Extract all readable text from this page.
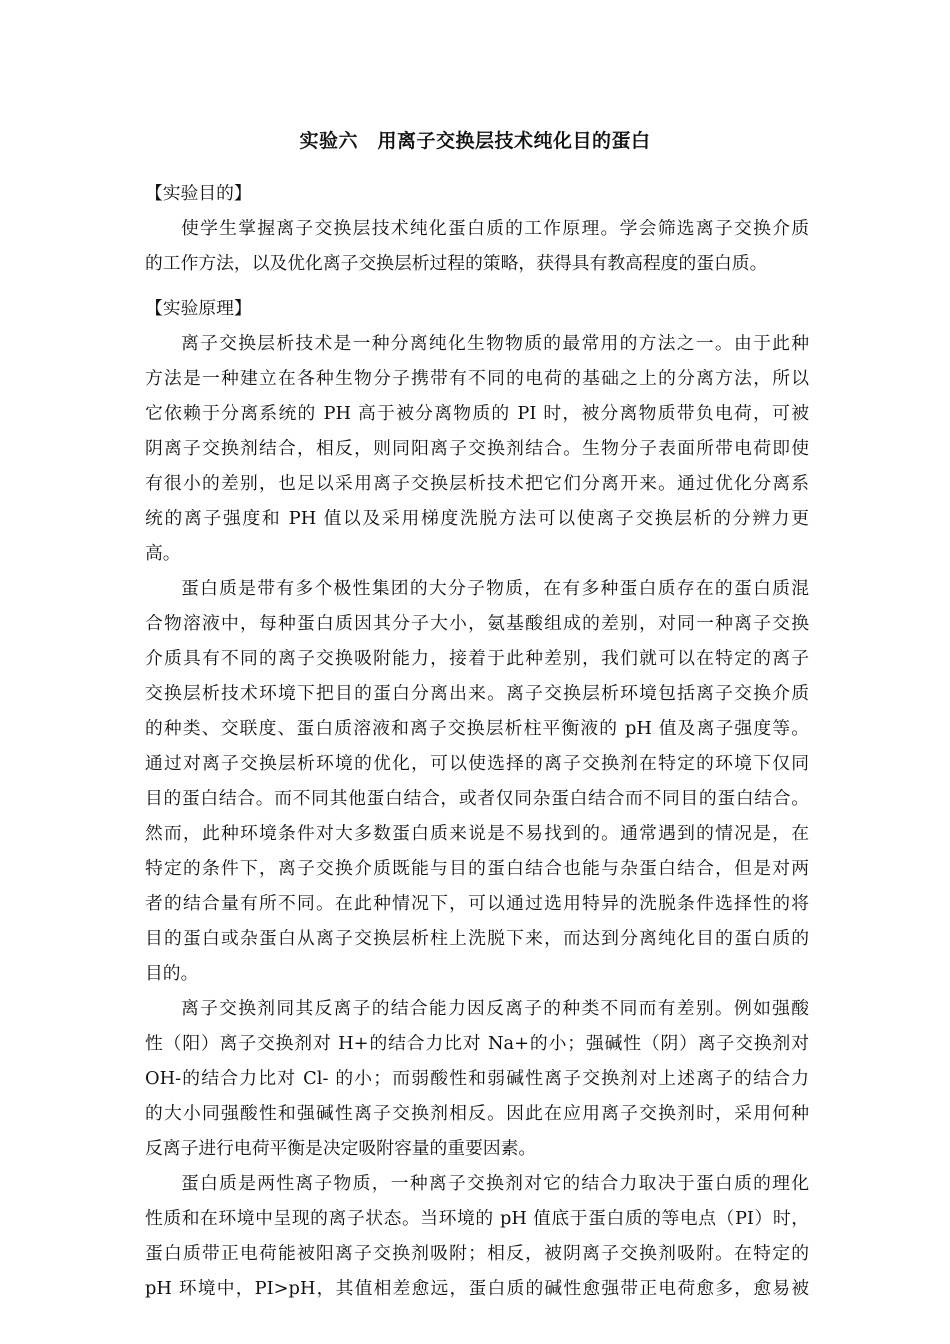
实验六　用离子交换层技术纯化目的蛋白
【实验目的】
使学生掌握离子交换层技术纯化蛋白质的工作原理。学会筛选离子交换介质
的工作方法，以及优化离子交换层析过程的策略，获得具有教高程度的蛋白质。
【实验原理】
离子交换层析技术是一种分离纯化生物物质的最常用的方法之一。由于此种
方法是一种建立在各种生物分子携带有不同的电荷的基础之上的分离方法，所以
它依赖于分离系统的 PH 高于被分离物质的 PI 时，被分离物质带负电荷，可被
阴离子交换剂结合，相反，则同阳离子交换剂结合。生物分子表面所带电荷即使
有很小的差别，也足以采用离子交换层析技术把它们分离开来。通过优化分离系
统的离子强度和 PH 值以及采用梯度洗脱方法可以使离子交换层析的分辨力更
高。
蛋白质是带有多个极性集团的大分子物质，在有多种蛋白质存在的蛋白质混
合物溶液中，每种蛋白质因其分子大小，氨基酸组成的差别，对同一种离子交换
介质具有不同的离子交换吸附能力，接着于此种差别，我们就可以在特定的离子
交换层析技术环境下把目的蛋白分离出来。离子交换层析环境包括离子交换介质
的种类、交联度、蛋白质溶液和离子交换层析柱平衡液的 pH 值及离子强度等。
通过对离子交换层析环境的优化，可以使选择的离子交换剂在特定的环境下仅同
目的蛋白结合。而不同其他蛋白结合，或者仅同杂蛋白结合而不同目的蛋白结合。
然而，此种环境条件对大多数蛋白质来说是不易找到的。通常遇到的情况是，在
特定的条件下，离子交换介质既能与目的蛋白结合也能与杂蛋白结合，但是对两
者的结合量有所不同。在此种情况下，可以通过选用特异的洗脱条件选择性的将
目的蛋白或杂蛋白从离子交换层析柱上洗脱下来，而达到分离纯化目的蛋白质的
目的。
离子交换剂同其反离子的结合能力因反离子的种类不同而有差别。例如强酸
性（阳）离子交换剂对 H+的结合力比对 Na+的小；强碱性（阴）离子交换剂对
OH-的结合力比对 Cl- 的小；而弱酸性和弱碱性离子交换剂对上述离子的结合力
的大小同强酸性和强碱性离子交换剂相反。因此在应用离子交换剂时，采用何种
反离子进行电荷平衡是决定吸附容量的重要因素。
蛋白质是两性离子物质，一种离子交换剂对它的结合力取决于蛋白质的理化
性质和在环境中呈现的离子状态。当环境的 pH 值底于蛋白质的等电点（PI）时，
蛋白质带正电荷能被阳离子交换剂吸附；相反，被阴离子交换剂吸附。在特定的
pH 环境中，PI>pH，其值相差愈远，蛋白质的碱性愈强带正电荷愈多，愈易被
